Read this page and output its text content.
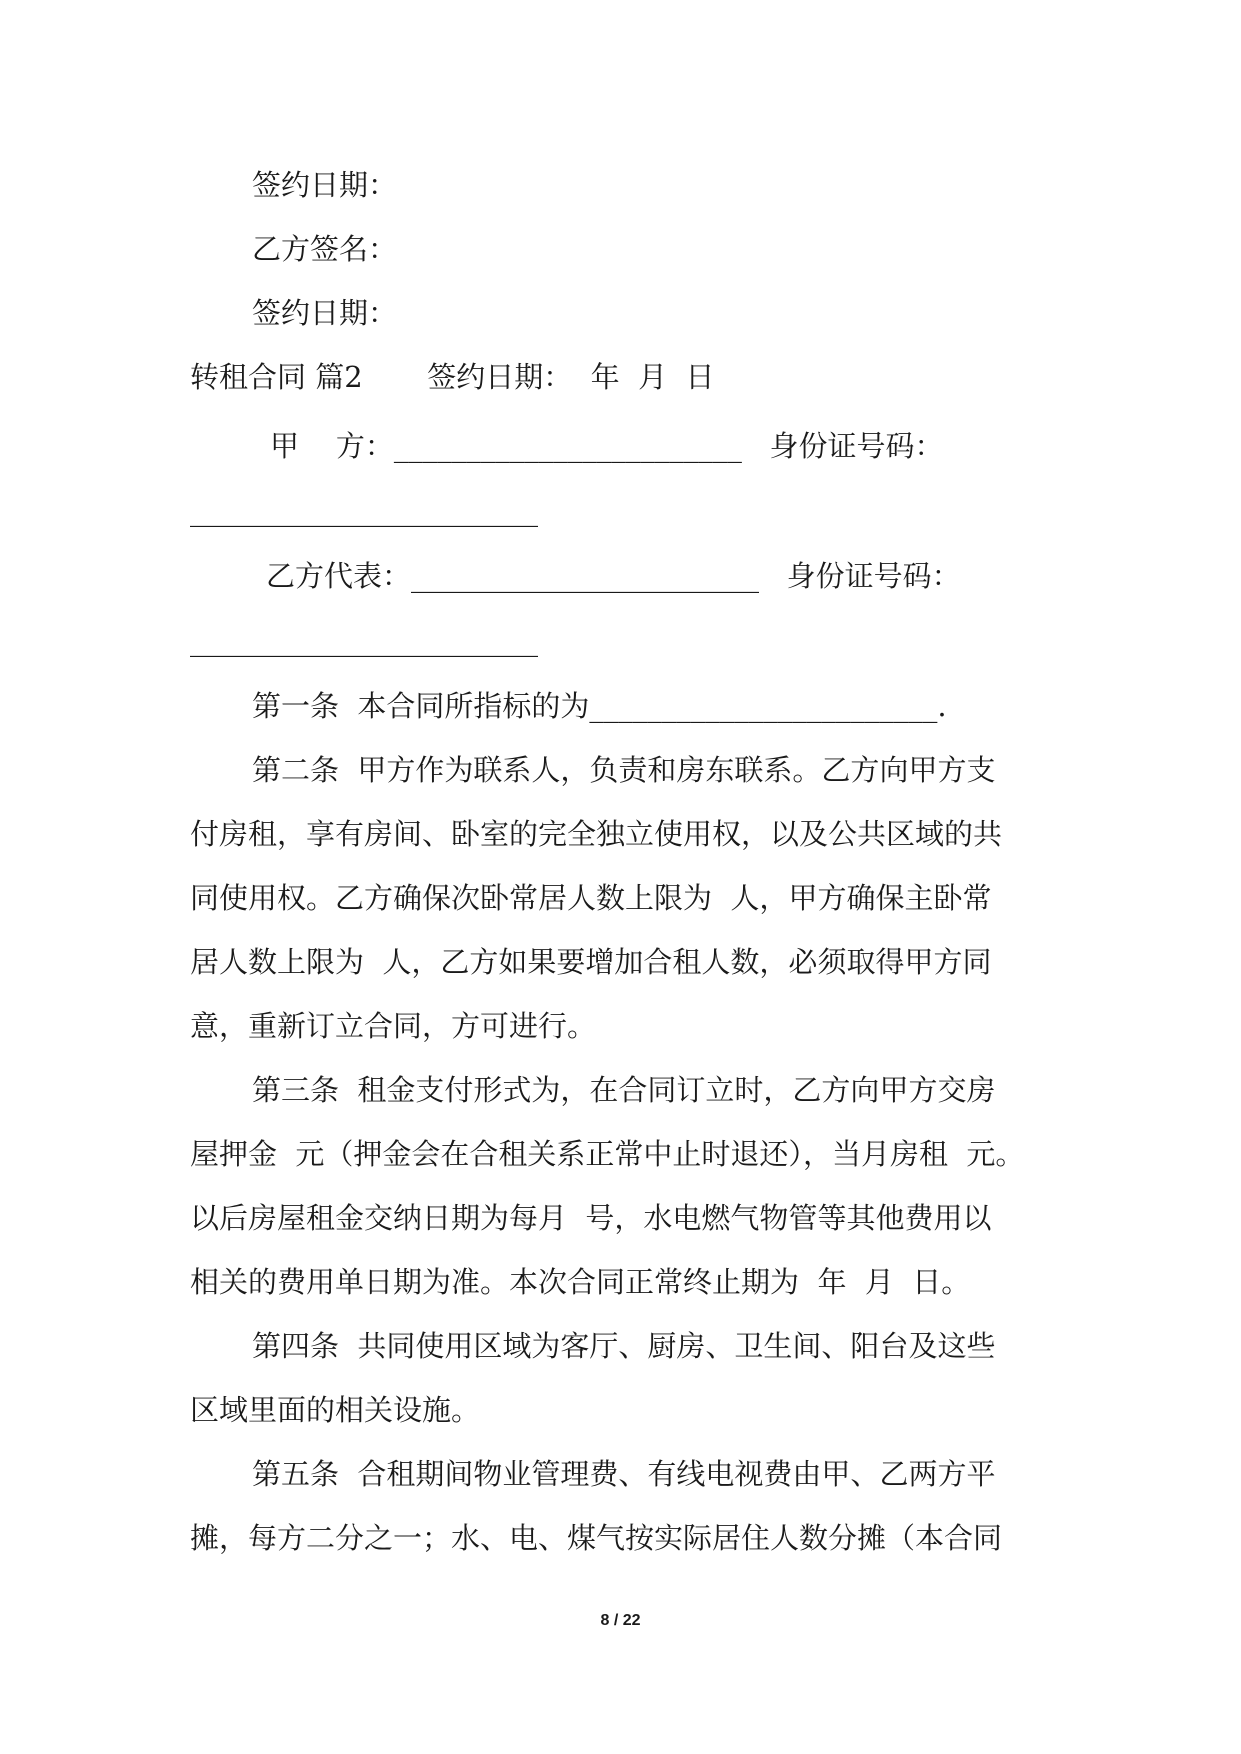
签约日期：
乙方签名：
签约日期：
转租合同 篇2       签约日期：  年  月  日
甲    方：________________________   身份证号码：
________________________
乙方代表：________________________   身份证号码：
________________________
第一条  本合同所指标的为________________________.
第二条  甲方作为联系人，负责和房东联系。乙方向甲方支
付房租，享有房间、卧室的完全独立使用权，以及公共区域的共
同使用权。乙方确保次卧常居人数上限为  人，甲方确保主卧常
居人数上限为  人，乙方如果要增加合租人数，必须取得甲方同
意，重新订立合同，方可进行。
第三条  租金支付形式为，在合同订立时，乙方向甲方交房
屋押金  元（押金会在合租关系正常中止时退还），当月房租  元。
以后房屋租金交纳日期为每月  号，水电燃气物管等其他费用以
相关的费用单日期为准。本次合同正常终止期为  年  月  日。
第四条  共同使用区域为客厅、厨房、卫生间、阳台及这些
区域里面的相关设施。
第五条  合租期间物业管理费、有线电视费由甲、乙两方平
摊，每方二分之一；水、电、煤气按实际居住人数分摊（本合同
8 / 22
